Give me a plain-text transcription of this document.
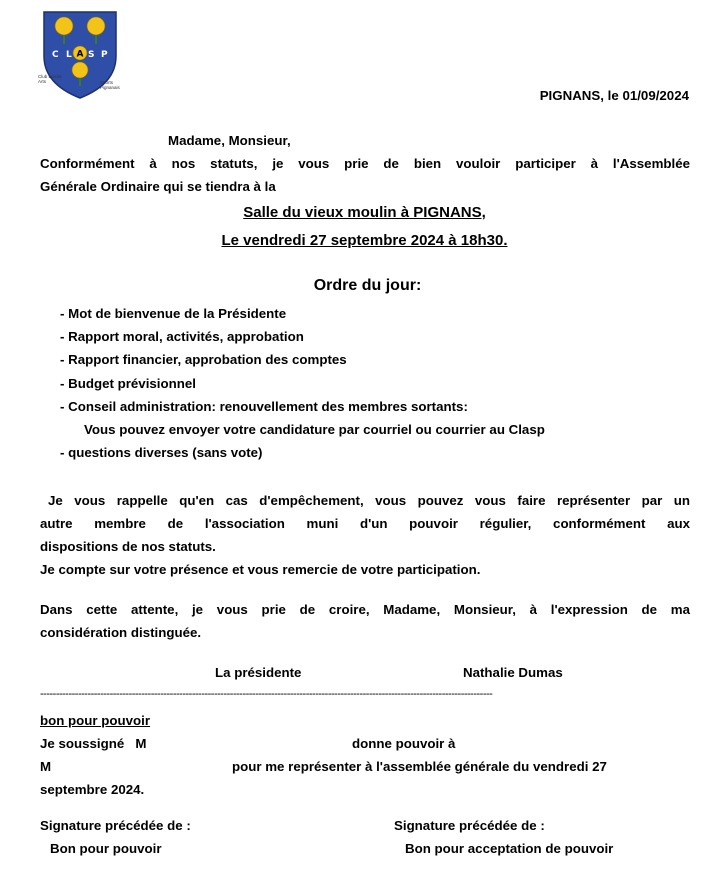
C L A S P
Club Loisirs Arts	Sports Pignanais
PIGNANS, le 01/09/2024
Madame, Monsieur,
Conformément à nos statuts, je vous prie de bien vouloir participer à l'Assemblée
Générale Ordinaire qui se tiendra à la
Salle du vieux moulin à PIGNANS,
Le vendredi 27 septembre 2024 à 18h30.
Ordre du jour:
- Mot de bienvenue de la Présidente
- Rapport moral, activités, approbation
- Rapport financier, approbation des comptes
- Budget prévisionnel
- Conseil administration: renouvellement des membres sortants:
Vous pouvez envoyer votre candidature par courriel ou courrier au Clasp
- questions diverses (sans vote)
Je vous rappelle qu'en cas d'empêchement, vous pouvez vous faire représenter par un
autre membre de l'association muni d'un pouvoir régulier, conformément aux
dispositions de nos statuts.
Je compte sur votre présence et vous remercie de votre participation.
Dans cette attente, je vous prie de croire, Madame, Monsieur, à l'expression de ma
considération distinguée.
La présidente	Nathalie Dumas
-----------------------------------------------------------------------------------------------------------------------------------------------
bon pour pouvoir
Je soussigné   M	donne pouvoir à
M	pour me représenter à l'assemblée générale du vendredi 27
septembre 2024.
Signature précédée de :
Bon pour pouvoir
Signature précédée de :
Bon pour acceptation de pouvoir
